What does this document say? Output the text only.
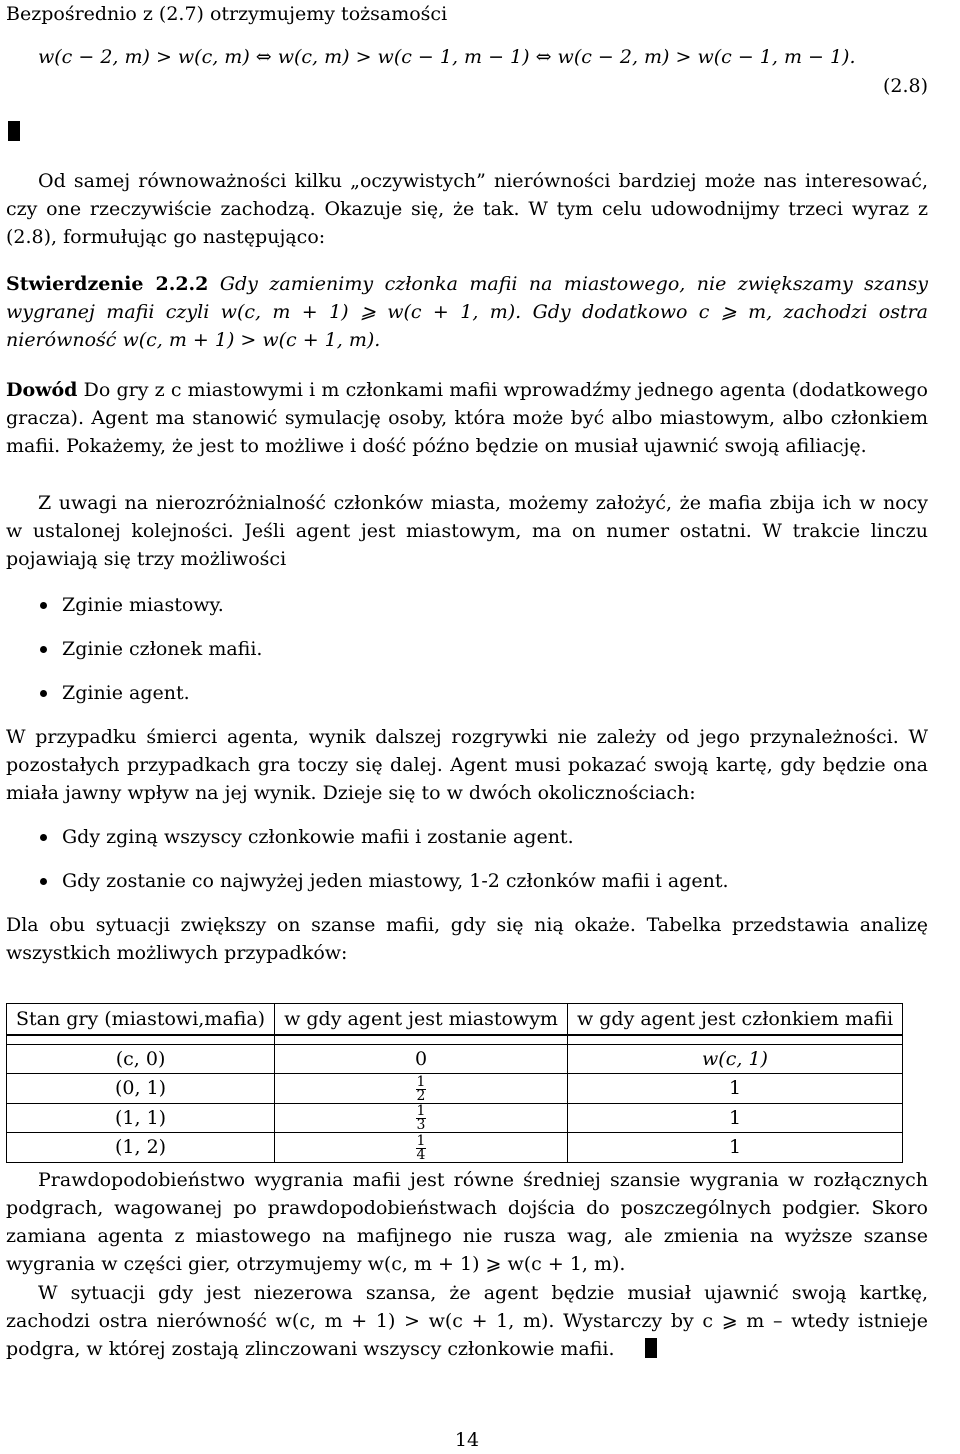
Bezpośrednio z (2.7) otrzymujemy tożsamości

w(c − 2, m) > w(c, m) ⇔ w(c, m) > w(c − 1, m − 1) ⇔ w(c − 2, m) > w(c − 1, m − 1).
(2.8)

Od samej równoważności kilku „oczywistych” nierówności bardziej może nas interesować, czy one rzeczywiście zachodzą. Okazuje się, że tak. W tym celu udowodnijmy trzeci wyraz z (2.8), formułując go następująco:

Stwierdzenie 2.2.2 Gdy zamienimy członka mafii na miastowego, nie zwiększamy szansy wygranej mafii czyli w(c, m + 1) ⩾ w(c + 1, m). Gdy dodatkowo c ⩾ m, zachodzi ostra nierówność w(c, m + 1) > w(c + 1, m).

Dowód Do gry z c miastowymi i m członkami mafii wprowadźmy jednego agenta (dodatkowego gracza). Agent ma stanowić symulację osoby, która może być albo miastowym, albo członkiem mafii. Pokażemy, że jest to możliwe i dość późno będzie on musiał ujawnić swoją afiliację.

Z uwagi na nierozróżnialność członków miasta, możemy założyć, że mafia zbija ich w nocy w ustalonej kolejności. Jeśli agent jest miastowym, ma on numer ostatni. W trakcie linczu pojawiają się trzy możliwości

Zginie miastowy.
Zginie członek mafii.
Zginie agent.

W przypadku śmierci agenta, wynik dalszej rozgrywki nie zależy od jego przynależności. W pozostałych przypadkach gra toczy się dalej. Agent musi pokazać swoją kartę, gdy będzie ona miała jawny wpływ na jej wynik. Dzieje się to w dwóch okolicznościach:

Gdy zginą wszyscy członkowie mafii i zostanie agent.
Gdy zostanie co najwyżej jeden miastowy, 1-2 członków mafii i agent.

Dla obu sytuacji zwiększy on szanse mafii, gdy się nią okaże. Tabelka przedstawia analizę wszystkich możliwych przypadków:

Stan gry (miastowi,mafia)	w gdy agent jest miastowym	w gdy agent jest członkiem mafii

(c, 0)	0	w(c, 1)
(0, 1)	$\frac{1}{2}$	1
(1, 1)	$\frac{1}{3}$	1
(1, 2)	$\frac{1}{4}$	1

Prawdopodobieństwo wygrania mafii jest równe średniej szansie wygrania w rozłącznych podgrach, wagowanej po prawdopodobieństwach dojścia do poszczególnych podgier. Skoro zamiana agenta z miastowego na mafijnego nie rusza wag, ale zmienia na wyższe szanse wygrania w części gier, otrzymujemy w(c, m + 1) ⩾ w(c + 1, m).

W sytuacji gdy jest niezerowa szansa, że agent będzie musiał ujawnić swoją kartkę, zachodzi ostra nierówność w(c, m + 1) > w(c + 1, m). Wystarczy by c ⩾ m – wtedy istnieje podgra, w której zostają zlinczowani wszyscy członkowie mafii.

14
